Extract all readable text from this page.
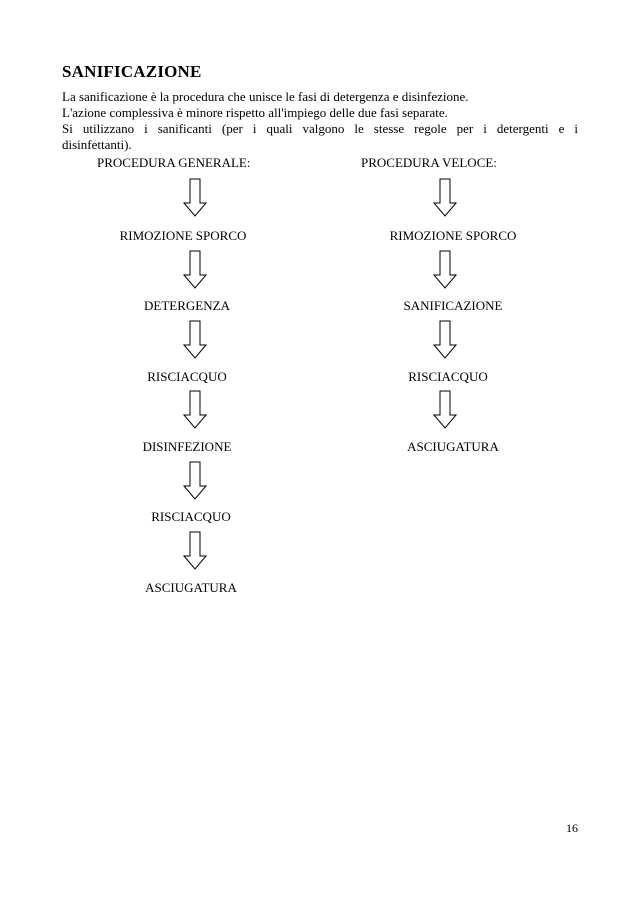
SANIFICAZIONE
La sanificazione è la procedura che unisce le fasi di detergenza e disinfezione.
L'azione complessiva è minore rispetto all'impiego delle due fasi separate.
Si utilizzano i sanificanti (per i quali valgono le stesse regole per i detergenti e i
disinfettanti).
PROCEDURA GENERALE:
RIMOZIONE SPORCO
DETERGENZA
RISCIACQUO
DISINFEZIONE
RISCIACQUO
ASCIUGATURA
PROCEDURA VELOCE:
RIMOZIONE SPORCO
SANIFICAZIONE
RISCIACQUO
ASCIUGATURA
16
